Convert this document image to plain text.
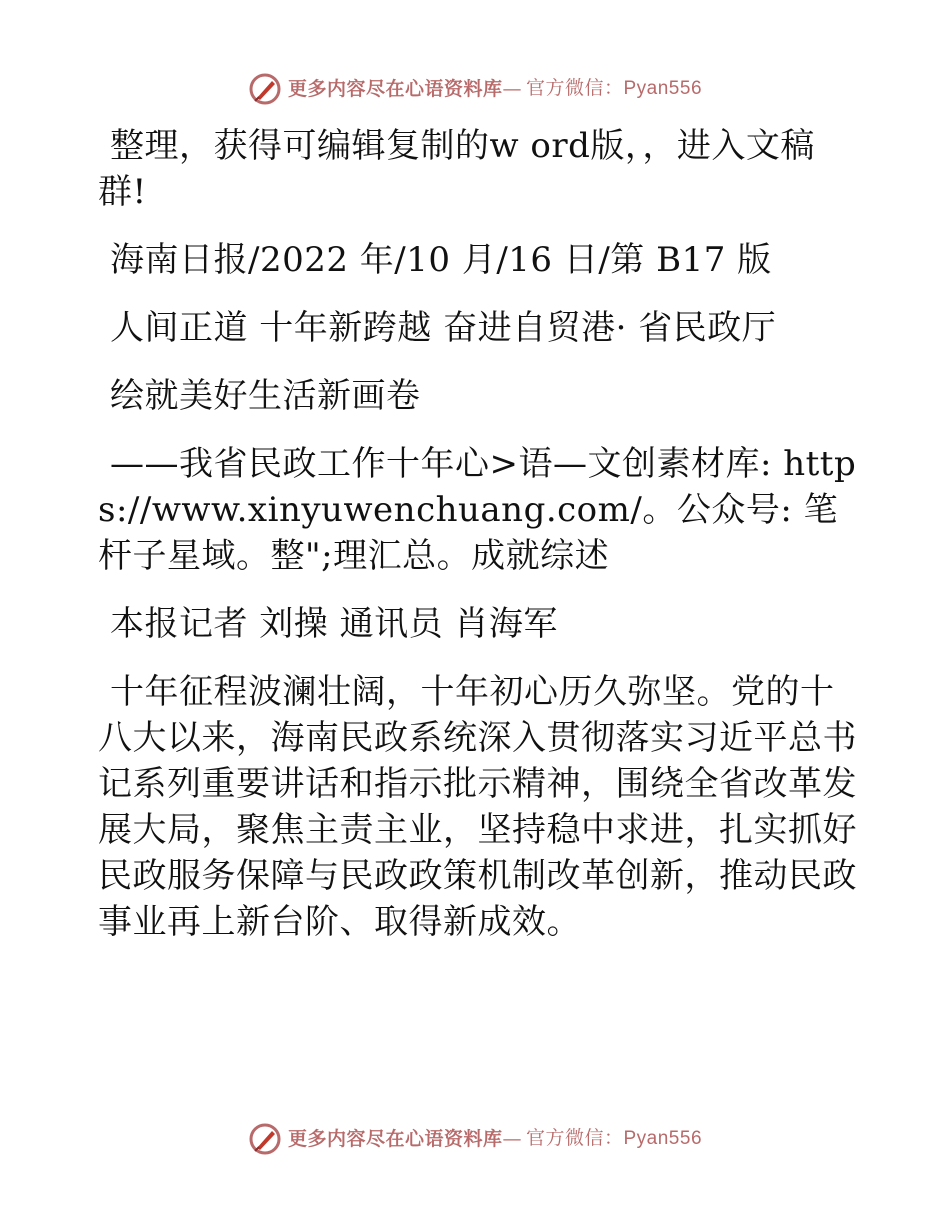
更多内容尽在心语资料库 — 官方微信：Pyan556

整理，获得可编辑复制的w ord版，，进入文稿群!

海南日报/2022 年/10 月/16 日/第 B17 版

人间正道 十年新跨越 奋进自贸港· 省民政厅

绘就美好生活新画卷

——我省民政工作十年心>语—文创素材库: https://www.xinyuwenchuang.com/。公众号: 笔杆子星域。整";理汇总。成就综述

本报记者 刘操 通讯员 肖海军

十年征程波澜壮阔，十年初心历久弥坚。党的十八大以来，海南民政系统深入贯彻落实习近平总书记系列重要讲话和指示批示精神，围绕全省改革发展大局，聚焦主责主业，坚持稳中求进，扎实抓好民政服务保障与民政政策机制改革创新，推动民政事业再上新台阶、取得新成效。

更多内容尽在心语资料库 — 官方微信：Pyan556
